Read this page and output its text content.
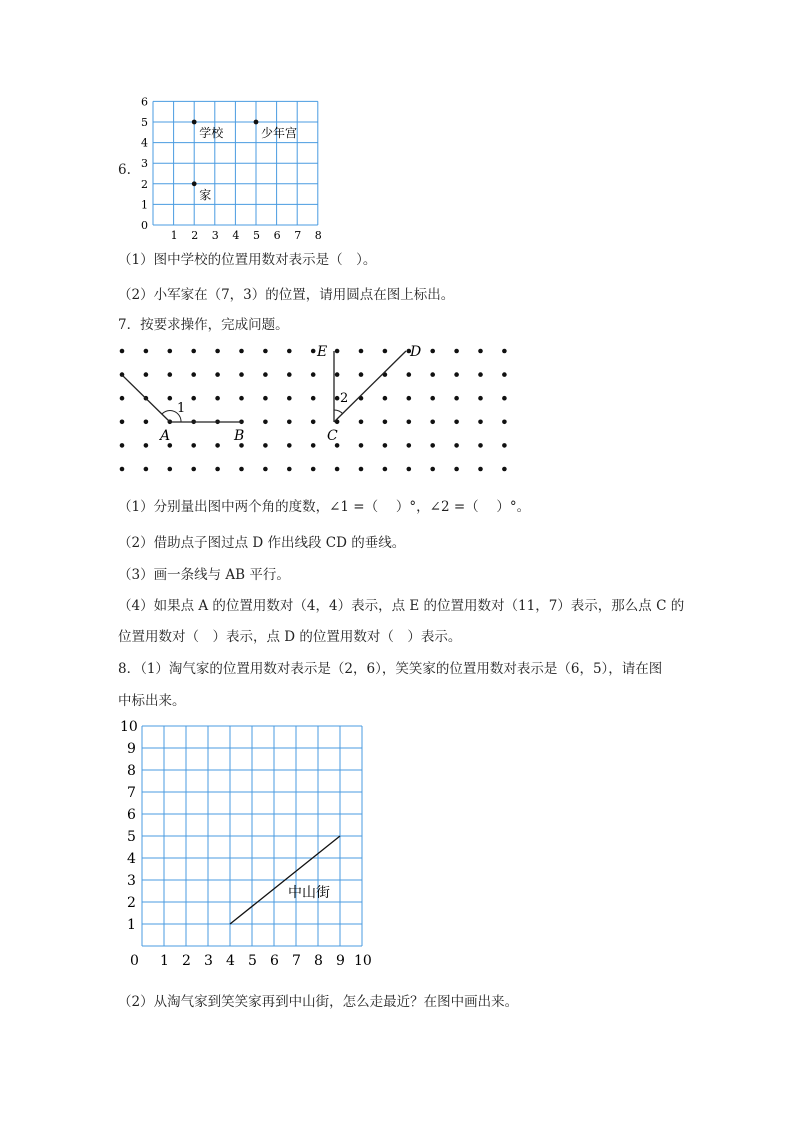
6.
1 2 3 4 5 6 7 8
0
1
2
3
4
5
6
学校	少年宫
家
（1）图中学校的位置用数对表示是（　）。
（2）小军家在（7，3）的位置，请用圆点在图上标出。
7．按要求操作，完成问题。
1
A	B
2
C
E	D
（1）分别量出图中两个角的度数，∠1 =（　 ）°，∠2 =（　 ）°。
（2）借助点子图过点 D 作出线段 CD 的垂线。
（3）画一条线与 AB 平行。
（4）如果点 A 的位置用数对（4，4）表示，点 E 的位置用数对（11，7）表示，那么点 C 的
位置用数对（　）表示，点 D 的位置用数对（　）表示。
8．（1）淘气家的位置用数对表示是（2，6），笑笑家的位置用数对表示是（6，5），请在图
中标出来。
0 1 2 3 4 5 6 7 8 9 10
1
2
3
4
5
6
7
8
9
10
中山街
（2）从淘气家到笑笑家再到中山街，怎么走最近？在图中画出来。
